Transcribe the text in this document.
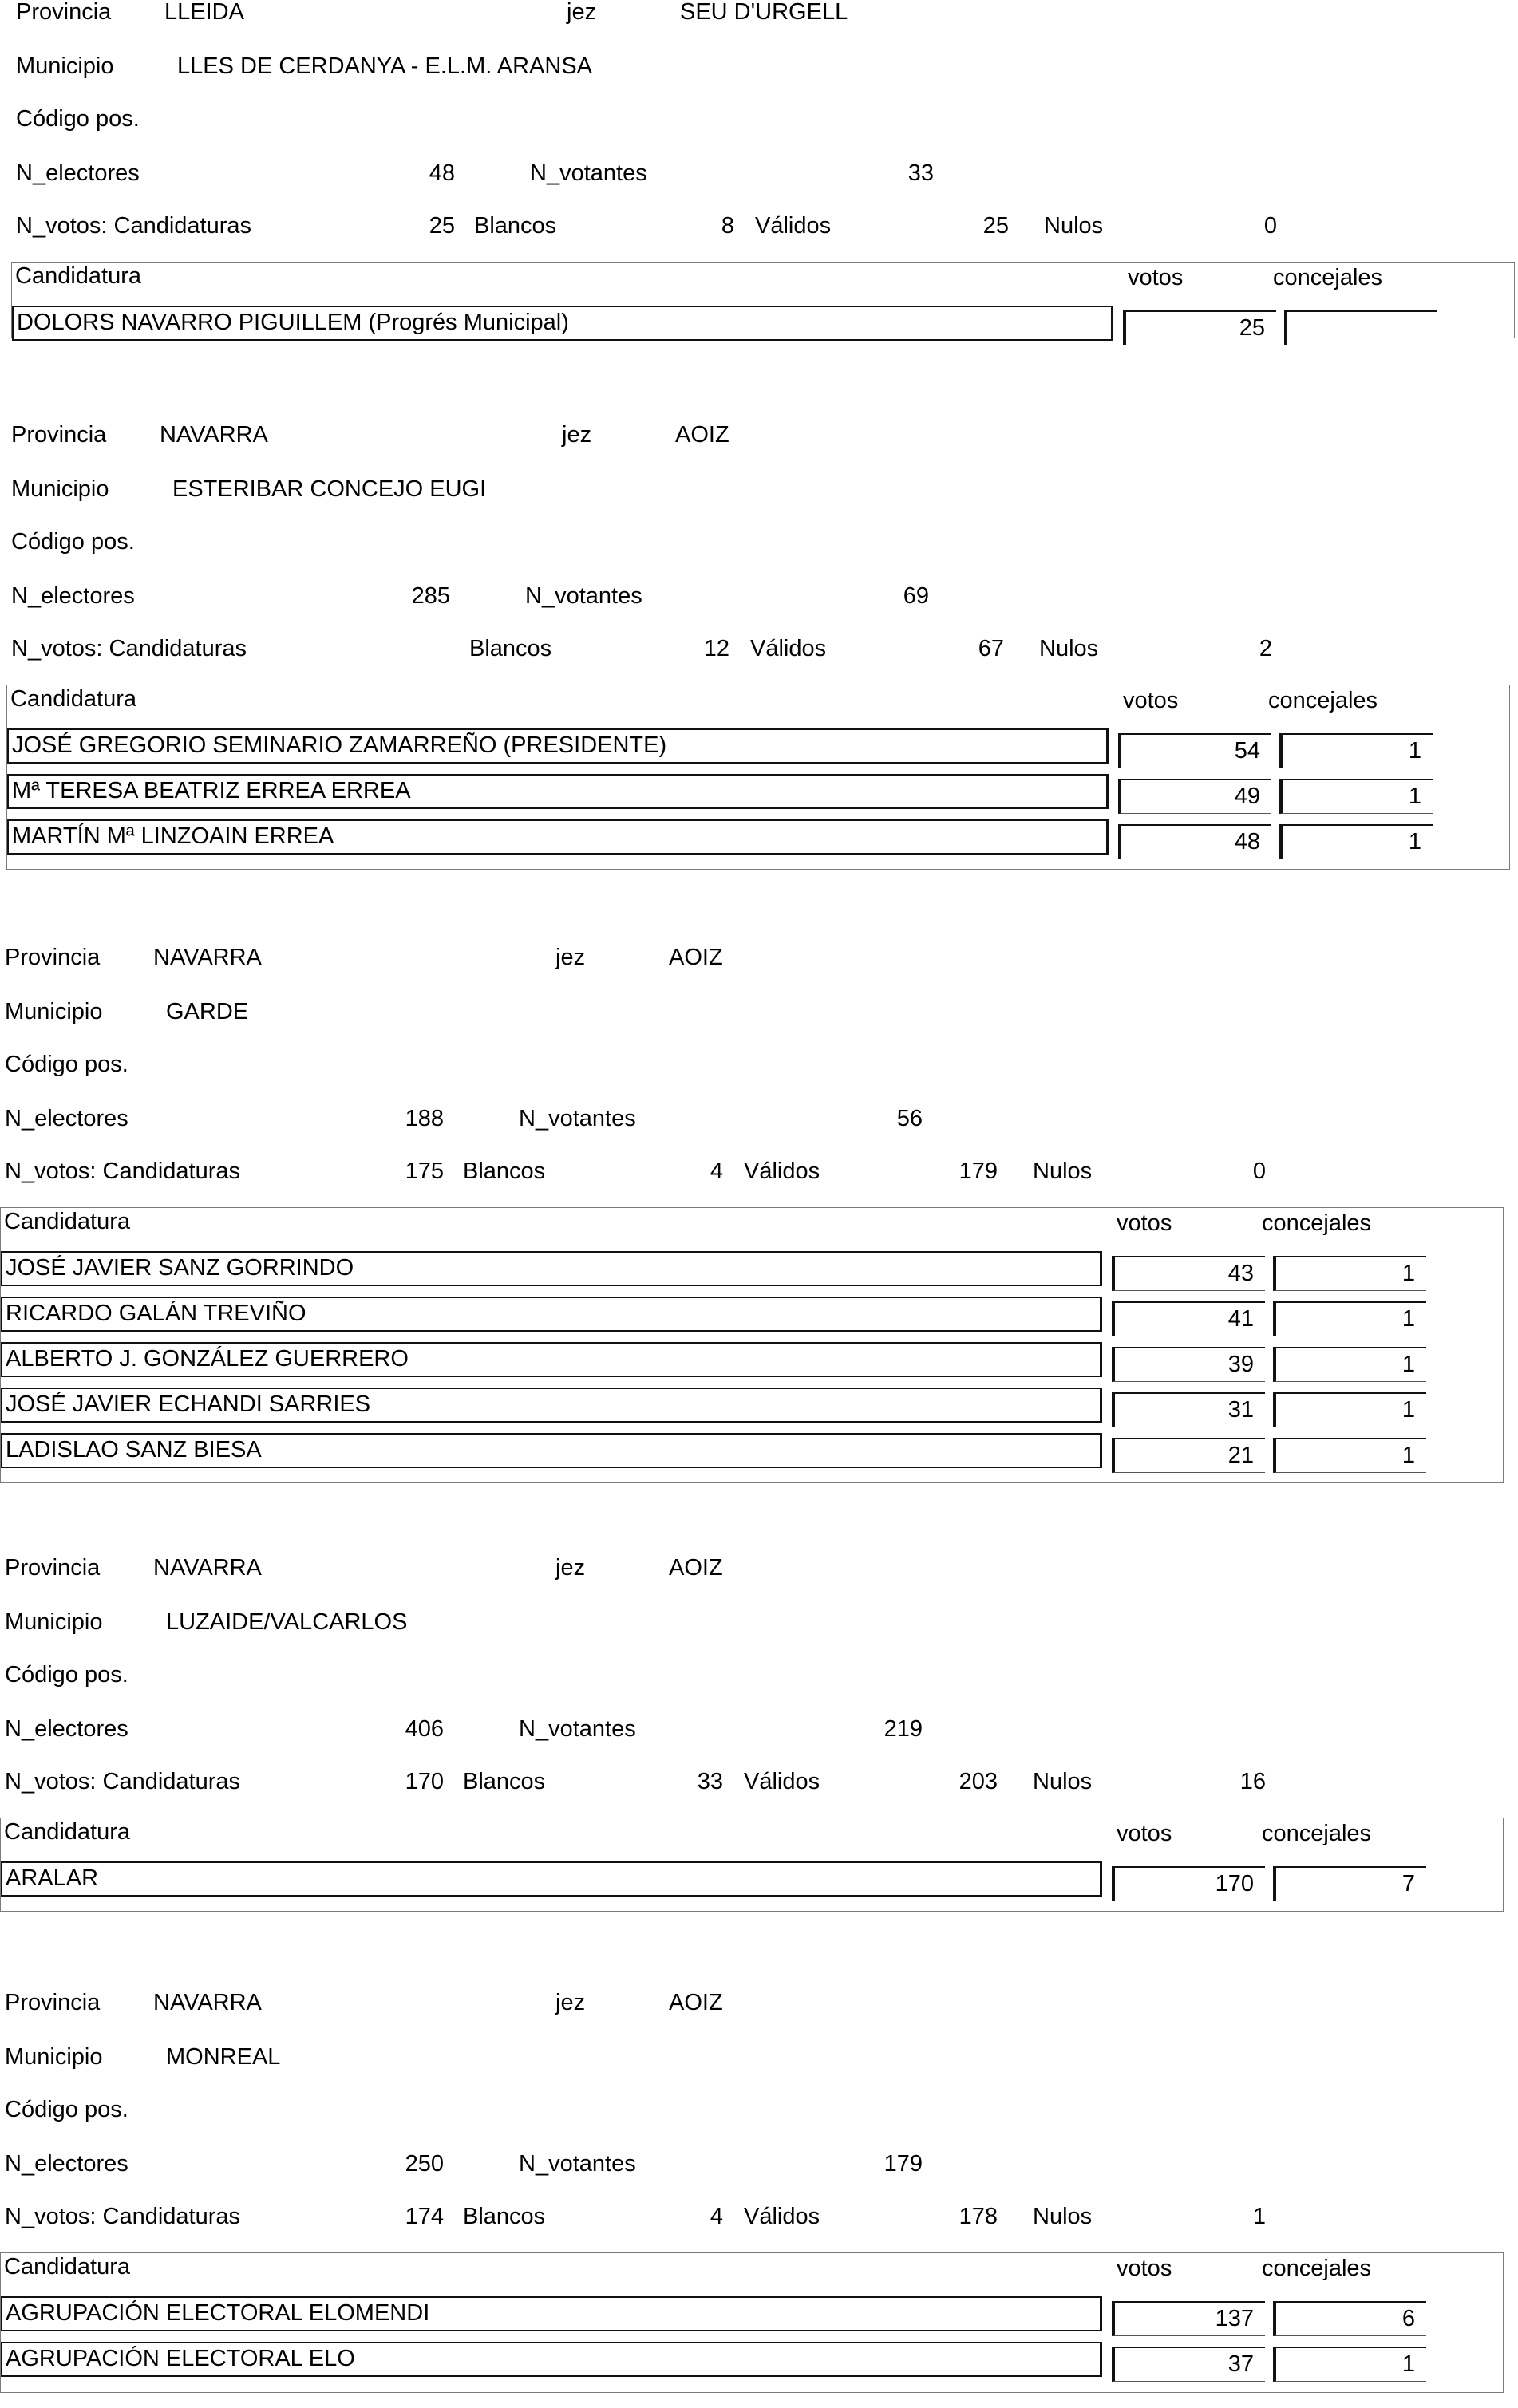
Provincia LLEIDA	jez	SEU D'URGELL
Municipio	LLES DE CERDANYA - E.L.M. ARANSA
Código pos.
N_electores	48	N_votantes	33
N_votos: Candidaturas	25 Blancos	8 Válidos	25 Nulos	0
Candidatura	votos	concejales
DOLORS NAVARRO PIGUILLEM (Progrés Municipal)	25
Provincia NAVARRA	jez	AOIZ
Municipio	ESTERIBAR CONCEJO EUGI
Código pos.
N_electores	285	N_votantes	69
N_votos: Candidaturas	Blancos	12 Válidos	67 Nulos	2
Candidatura	votos	concejales
JOSÉ GREGORIO SEMINARIO ZAMARREÑO (PRESIDENTE)	54	1
Mª TERESA BEATRIZ ERREA ERREA	49	1
MARTÍN Mª LINZOAIN ERREA	48	1
Provincia NAVARRA	jez	AOIZ
Municipio	GARDE
Código pos.
N_electores	188	N_votantes	56
N_votos: Candidaturas	175 Blancos	4 Válidos	179 Nulos	0
Candidatura	votos	concejales
JOSÉ JAVIER SANZ GORRINDO	43	1
RICARDO GALÁN TREVIÑO	41	1
ALBERTO J. GONZÁLEZ GUERRERO	39	1
JOSÉ JAVIER ECHANDI SARRIES	31	1
LADISLAO SANZ BIESA	21	1
Provincia NAVARRA	jez	AOIZ
Municipio	LUZAIDE/VALCARLOS
Código pos.
N_electores	406	N_votantes	219
N_votos: Candidaturas	170 Blancos	33 Válidos	203 Nulos	16
Candidatura	votos	concejales
ARALAR	170	7
Provincia NAVARRA	jez	AOIZ
Municipio	MONREAL
Código pos.
N_electores	250	N_votantes	179
N_votos: Candidaturas	174 Blancos	4 Válidos	178 Nulos	1
Candidatura	votos	concejales
AGRUPACIÓN ELECTORAL ELOMENDI	137	6
AGRUPACIÓN ELECTORAL ELO	37	1
